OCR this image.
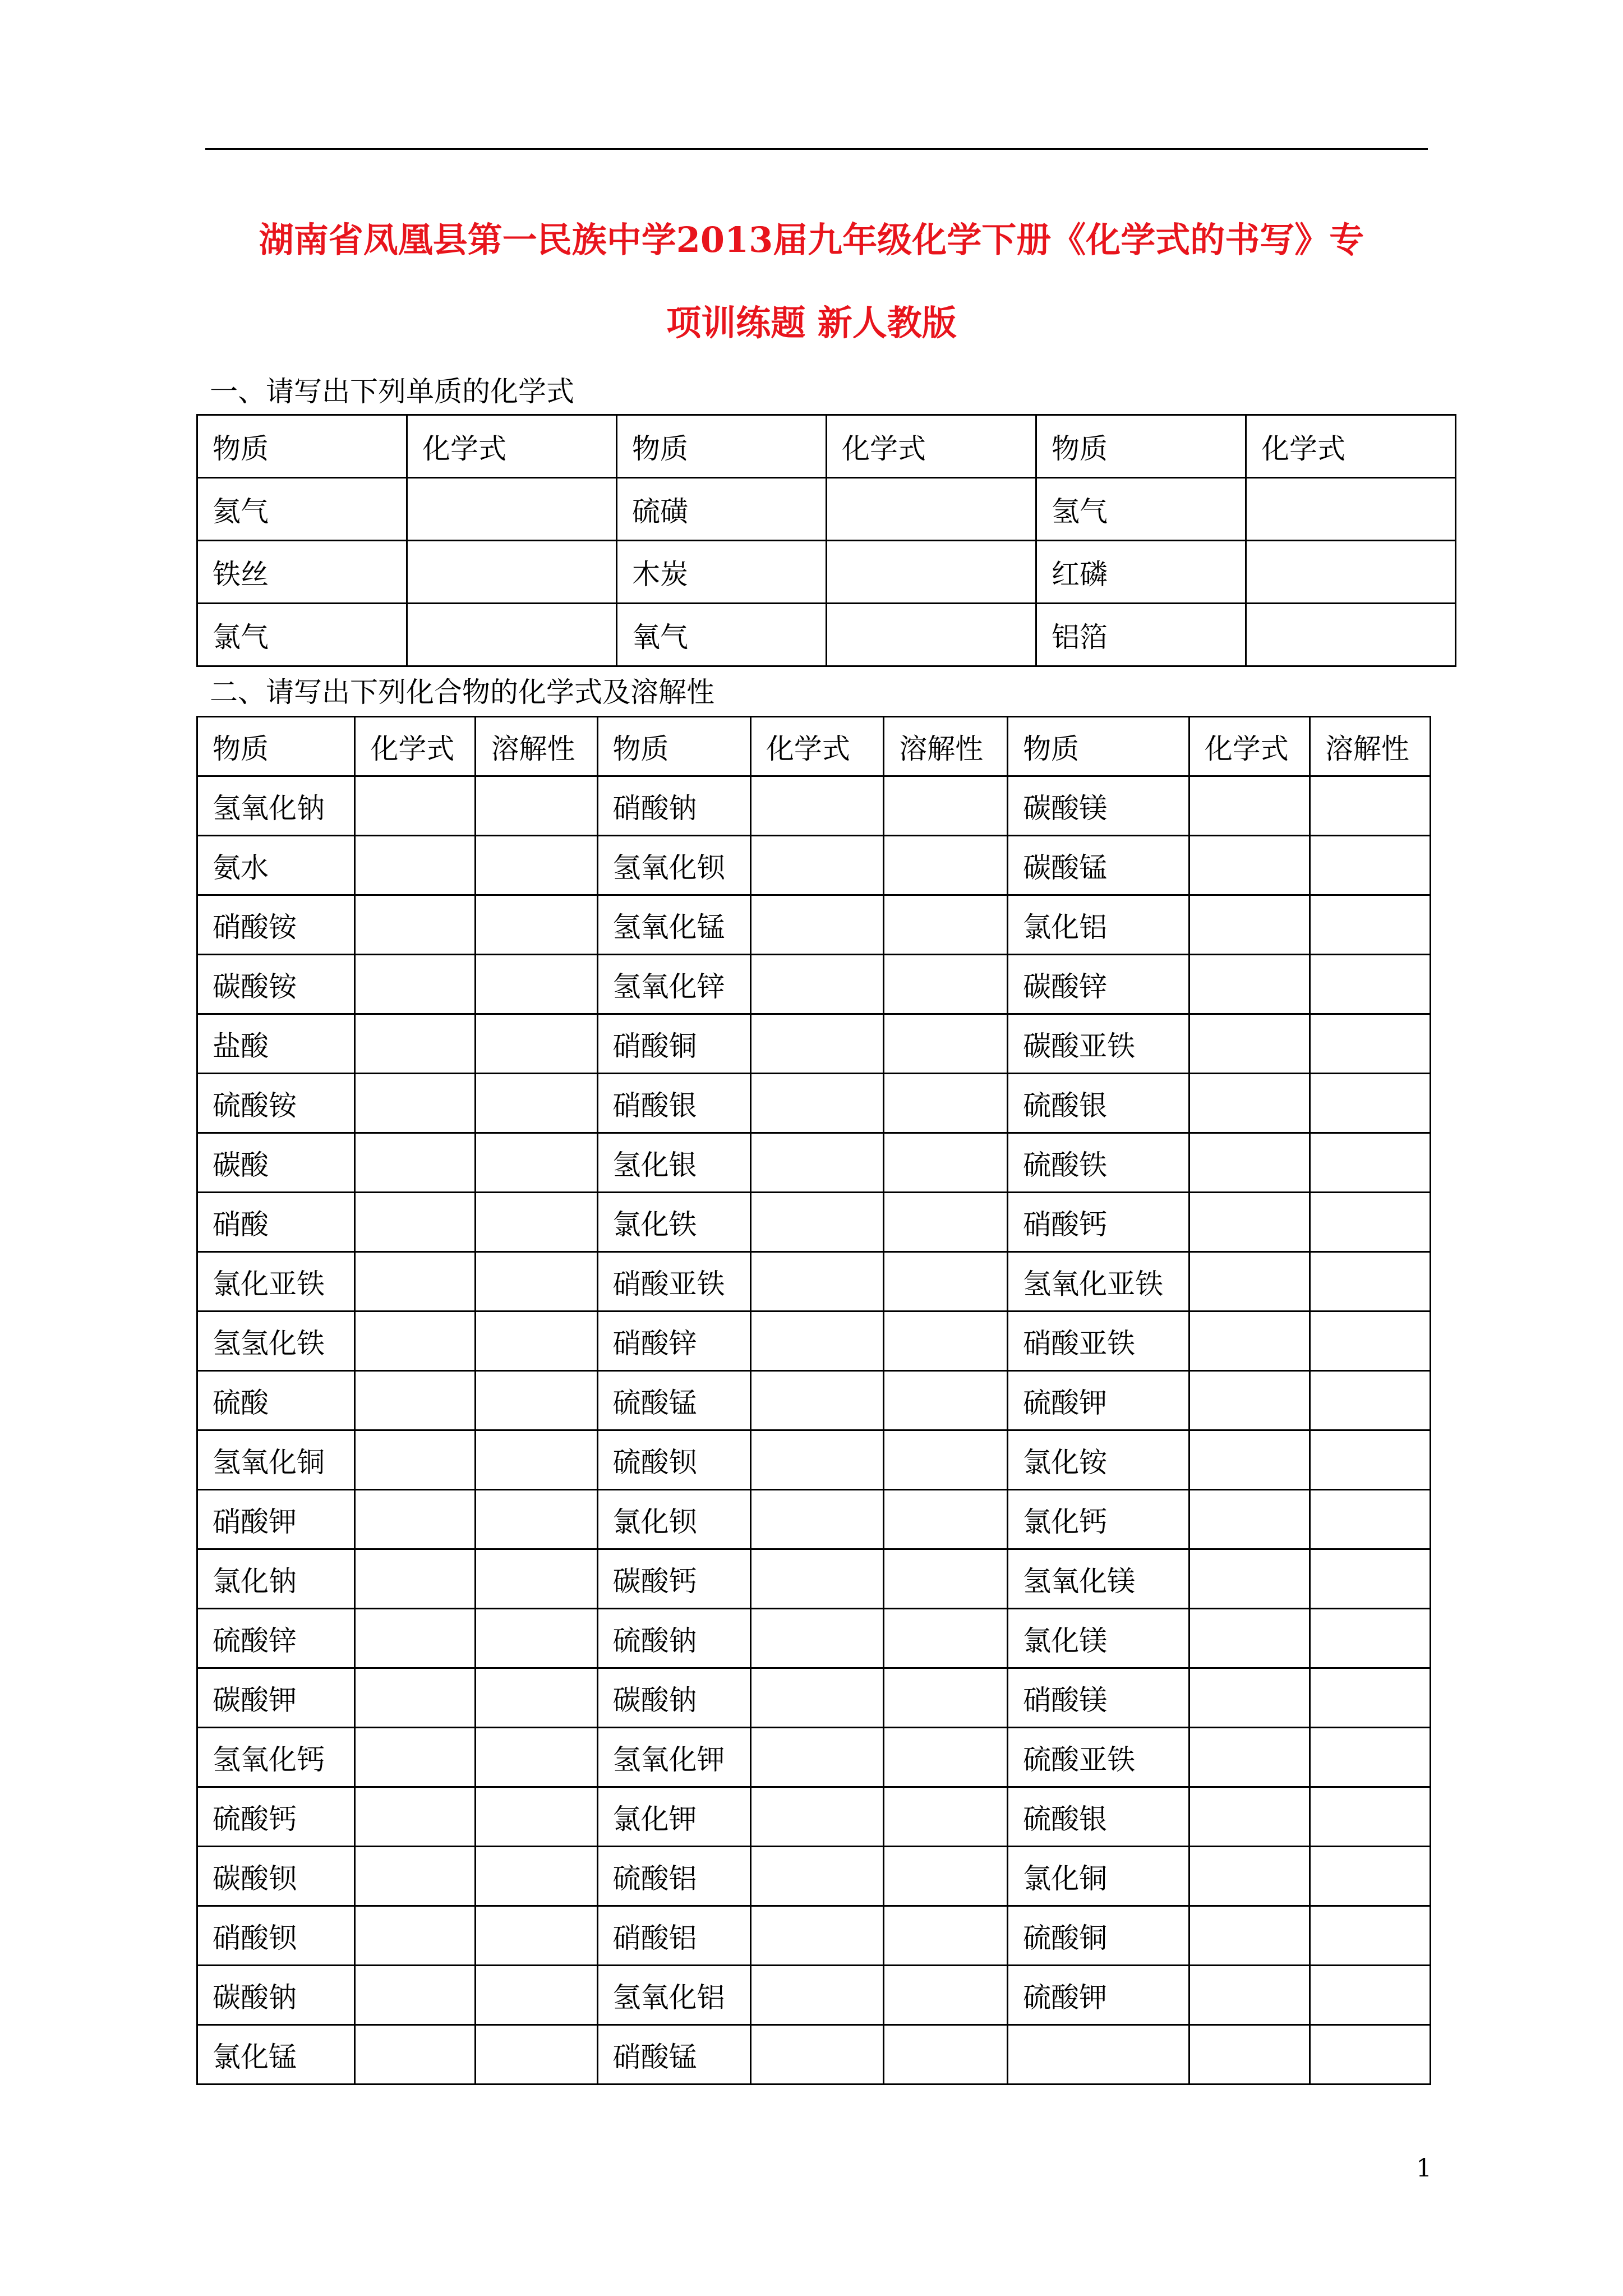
湖南省凤凰县第一民族中学2013届九年级化学下册《化学式的书写》专
项训练题 新人教版
一、请写出下列单质的化学式
物质	化学式	物质	化学式	物质	化学式
氦气		硫磺		氢气	
铁丝		木炭		红磷	
氯气		氧气		铝箔	
二、请写出下列化合物的化学式及溶解性
物质	化学式	溶解性	物质	化学式	溶解性	物质	化学式	溶解性
氢氧化钠			硝酸钠			碳酸镁		
氨水			氢氧化钡			碳酸锰		
硝酸铵			氢氧化锰			氯化铝		
碳酸铵			氢氧化锌			碳酸锌		
盐酸			硝酸铜			碳酸亚铁		
硫酸铵			硝酸银			硫酸银		
碳酸			氢化银			硫酸铁		
硝酸			氯化铁			硝酸钙		
氯化亚铁			硝酸亚铁			氢氧化亚铁		
氢氢化铁			硝酸锌			硝酸亚铁		
硫酸			硫酸锰			硫酸钾		
氢氧化铜			硫酸钡			氯化铵		
硝酸钾			氯化钡			氯化钙		
氯化钠			碳酸钙			氢氧化镁		
硫酸锌			硫酸钠			氯化镁		
碳酸钾			碳酸钠			硝酸镁		
氢氧化钙			氢氧化钾			硫酸亚铁		
硫酸钙			氯化钾			硫酸银		
碳酸钡			硫酸铝			氯化铜		
硝酸钡			硝酸铝			硫酸铜		
碳酸钠			氢氧化铝			硫酸钾		
氯化锰			硝酸锰					
1
